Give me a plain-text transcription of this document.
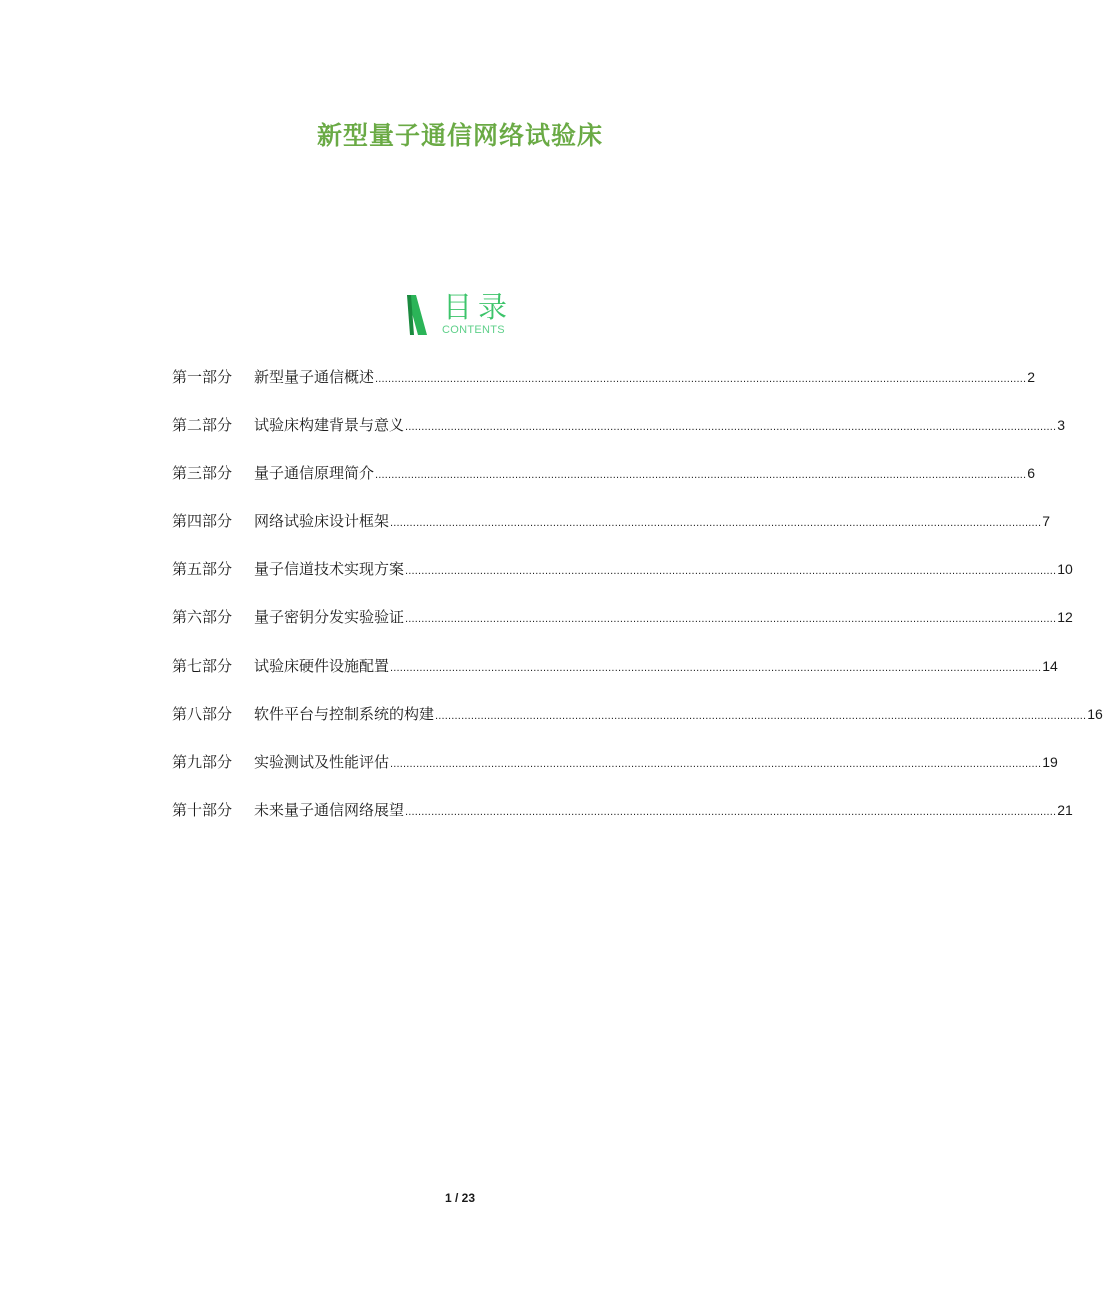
新型量子通信网络试验床
目录
CONTENTS
第一部分	新型量子通信概述 ........................................................................................................................................................................................................ 2
第二部分	试验床构建背景与意义 ........................................................................................................................................................................................................ 3
第三部分	量子通信原理简介 ........................................................................................................................................................................................................ 6
第四部分	网络试验床设计框架 ........................................................................................................................................................................................................ 7
第五部分	量子信道技术实现方案 ........................................................................................................................................................................................................ 10
第六部分	量子密钥分发实验验证 ........................................................................................................................................................................................................ 12
第七部分	试验床硬件设施配置 ........................................................................................................................................................................................................ 14
第八部分	软件平台与控制系统的构建 ........................................................................................................................................................................................................ 16
第九部分	实验测试及性能评估 ........................................................................................................................................................................................................ 19
第十部分	未来量子通信网络展望 ........................................................................................................................................................................................................ 21
1 / 23
